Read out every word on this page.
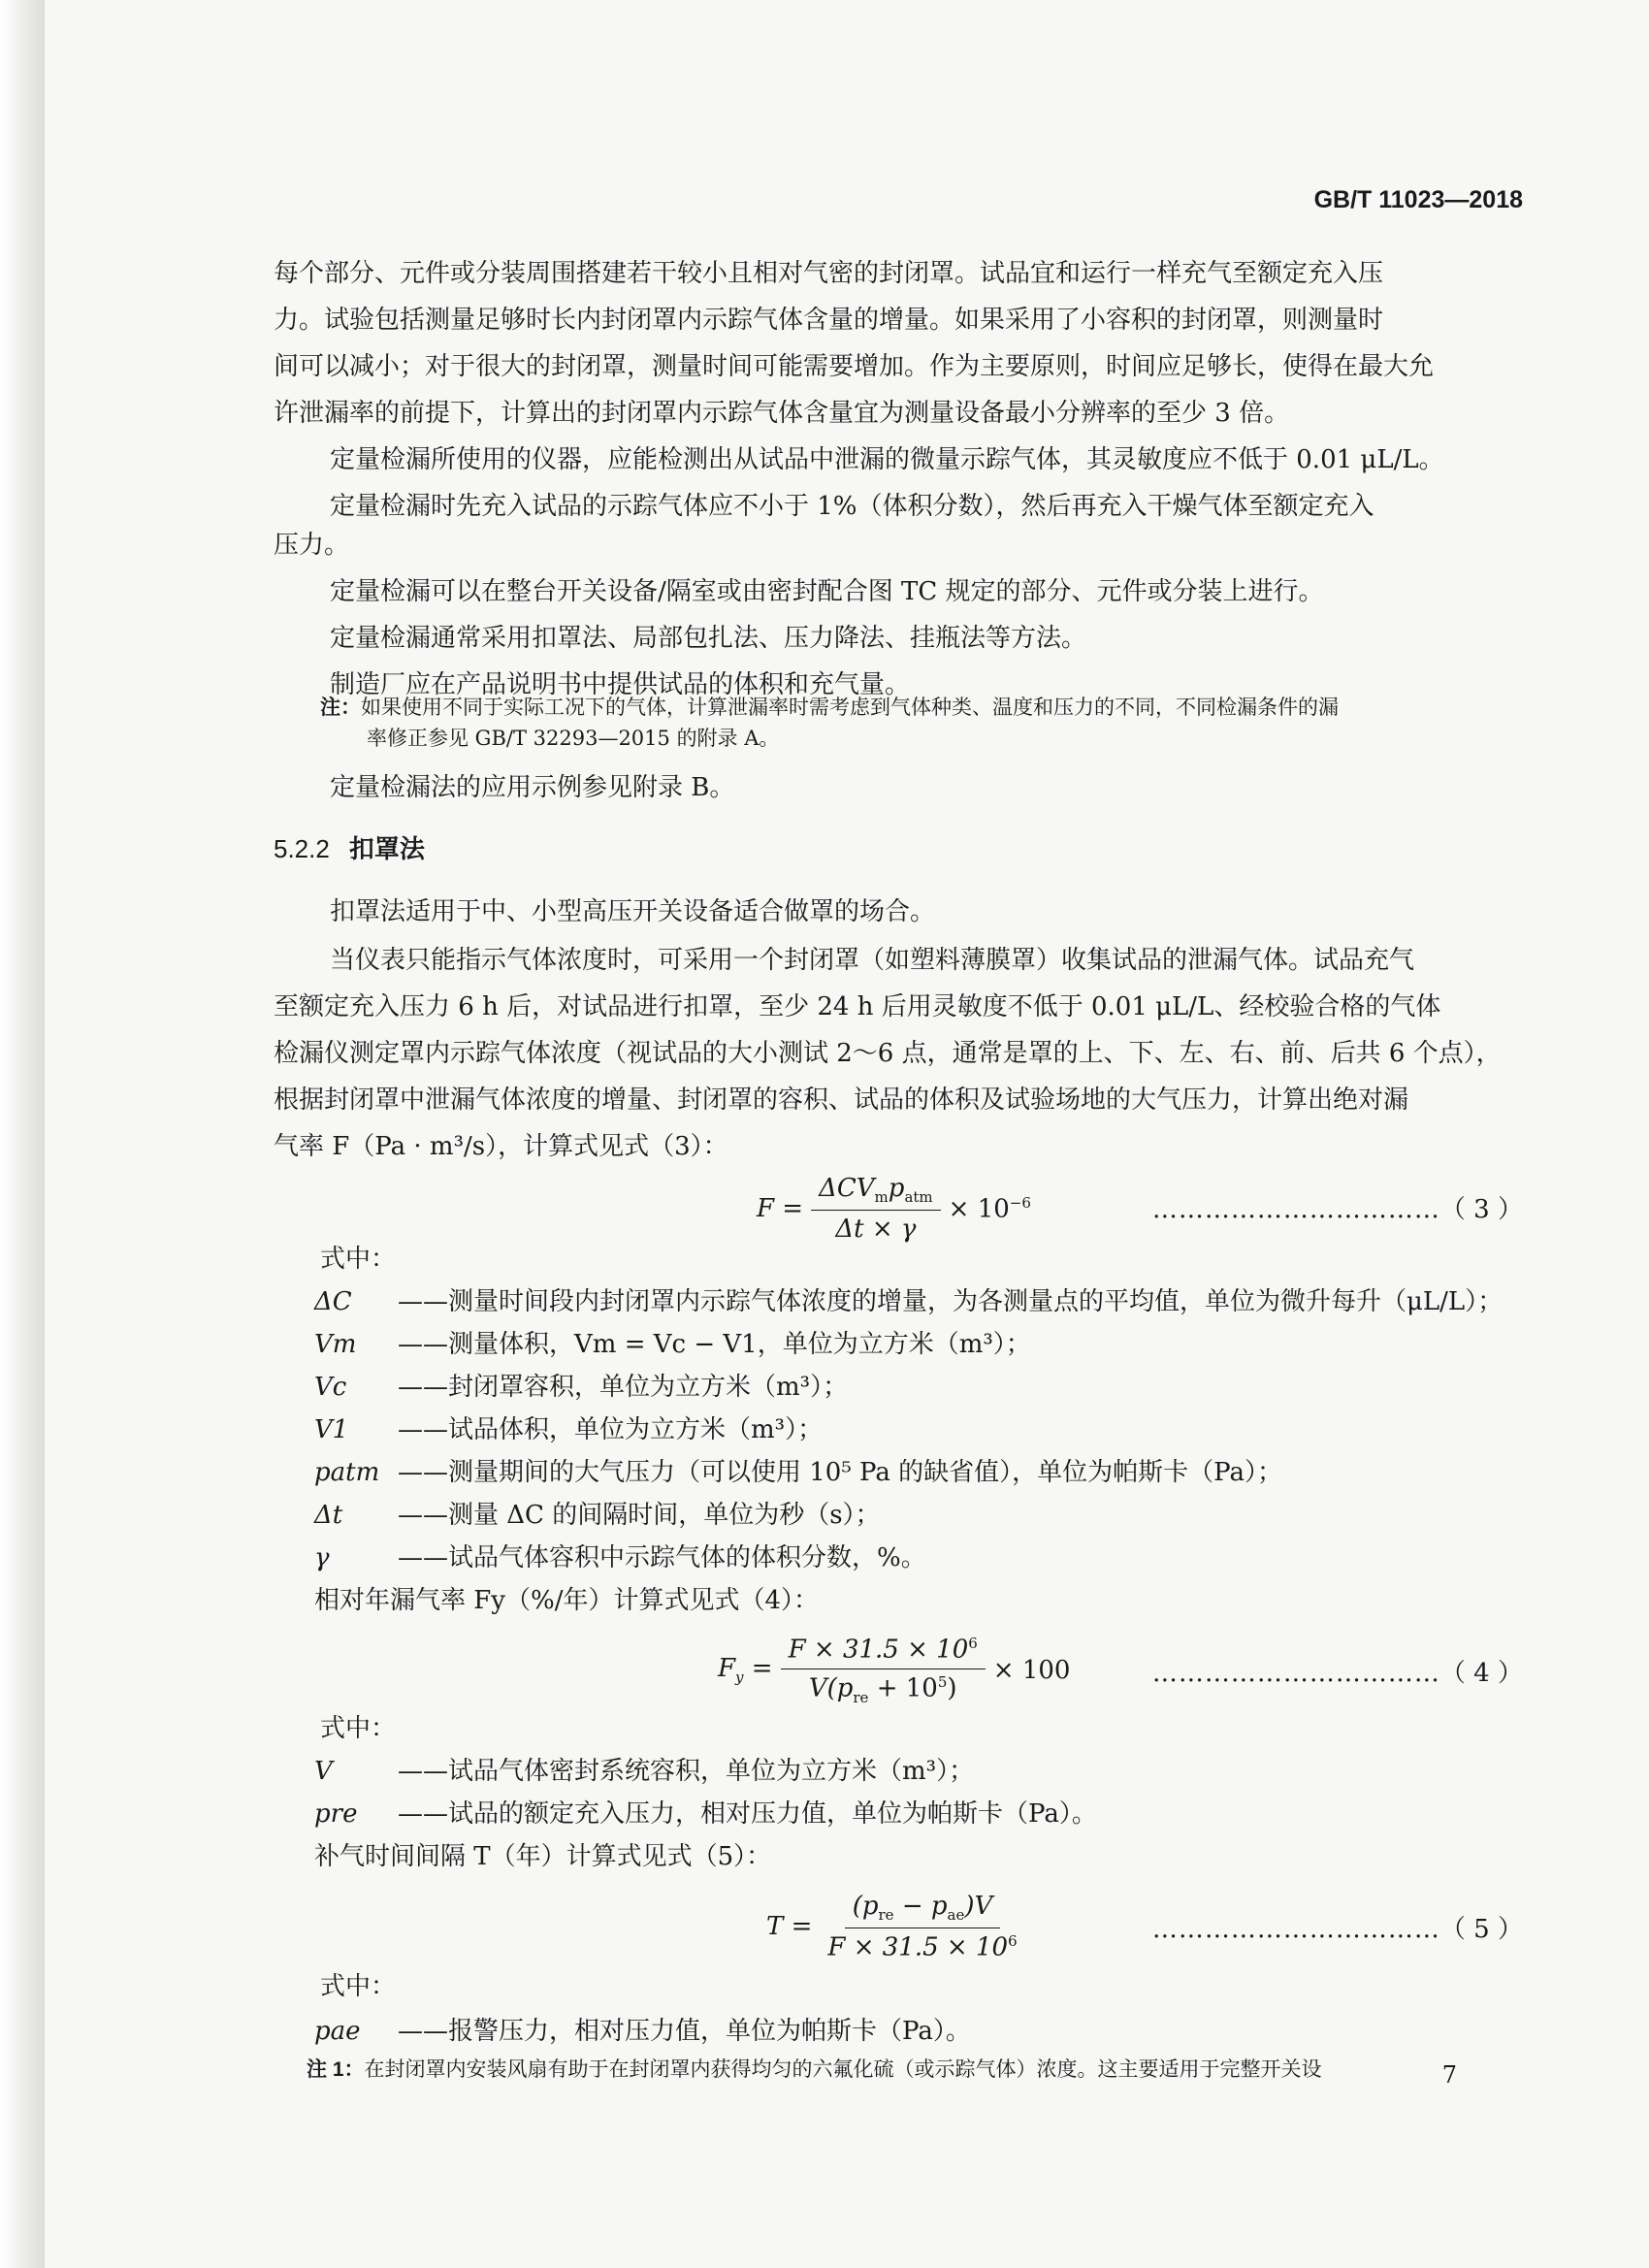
GB/T 11023—2018
每个部分、元件或分装周围搭建若干较小且相对气密的封闭罩。试品宜和运行一样充气至额定充入压
力。试验包括测量足够时长内封闭罩内示踪气体含量的增量。如果采用了小容积的封闭罩，则测量时
间可以减小；对于很大的封闭罩，测量时间可能需要增加。作为主要原则，时间应足够长，使得在最大允
许泄漏率的前提下，计算出的封闭罩内示踪气体含量宜为测量设备最小分辨率的至少 3 倍。
定量检漏所使用的仪器，应能检测出从试品中泄漏的微量示踪气体，其灵敏度应不低于 0.01 μL/L。
定量检漏时先充入试品的示踪气体应不小于 1%（体积分数），然后再充入干燥气体至额定充入
压力。
定量检漏可以在整台开关设备/隔室或由密封配合图 TC 规定的部分、元件或分装上进行。
定量检漏通常采用扣罩法、局部包扎法、压力降法、挂瓶法等方法。
制造厂应在产品说明书中提供试品的体积和充气量。
注：如果使用不同于实际工况下的气体，计算泄漏率时需考虑到气体种类、温度和压力的不同，不同检漏条件的漏
率修正参见 GB/T 32293—2015 的附录 A。
定量检漏法的应用示例参见附录 B。
5.2.2 扣罩法
扣罩法适用于中、小型高压开关设备适合做罩的场合。
当仪表只能指示气体浓度时，可采用一个封闭罩（如塑料薄膜罩）收集试品的泄漏气体。试品充气
至额定充入压力 6 h 后，对试品进行扣罩，至少 24 h 后用灵敏度不低于 0.01 μL/L、经校验合格的气体
检漏仪测定罩内示踪气体浓度（视试品的大小测试 2～6 点，通常是罩的上、下、左、右、前、后共 6 个点），
根据封闭罩中泄漏气体浓度的增量、封闭罩的容积、试品的体积及试验场地的大气压力，计算出绝对漏
气率 F（Pa · m³/s），计算式见式（3）：
$F = \frac{\Delta CV_mp_{atm}}{\Delta t \times \gamma} \times 10^{-6}$	……………………………（ 3 ）
式中：
ΔC ——测量时间段内封闭罩内示踪气体浓度的增量，为各测量点的平均值，单位为微升每升（μL/L）；
Vm ——测量体积，Vm = Vc − V1，单位为立方米（m³）；
Vc ——封闭罩容积，单位为立方米（m³）；
V1 ——试品体积，单位为立方米（m³）；
patm ——测量期间的大气压力（可以使用 10⁵ Pa 的缺省值），单位为帕斯卡（Pa）；
Δt ——测量 ΔC 的间隔时间，单位为秒（s）；
γ	——试品气体容积中示踪气体的体积分数，%。
相对年漏气率 Fy（%/年）计算式见式（4）：
$F_y = \frac{F \times 31.5 \times 10^6}{V(p_{re} + 10^5)} \times 100$	……………………………（ 4 ）
式中：
V	——试品气体密封系统容积，单位为立方米（m³）；
pre ——试品的额定充入压力，相对压力值，单位为帕斯卡（Pa）。
补气时间间隔 T（年）计算式见式（5）：
$T = \frac{(p_{re} - p_{ae})V}{F \times 31.5 \times 10^6}$	……………………………（ 5 ）
式中：
pae ——报警压力，相对压力值，单位为帕斯卡（Pa）。
注 1：在封闭罩内安装风扇有助于在封闭罩内获得均匀的六氟化硫（或示踪气体）浓度。这主要适用于完整开关设	7
